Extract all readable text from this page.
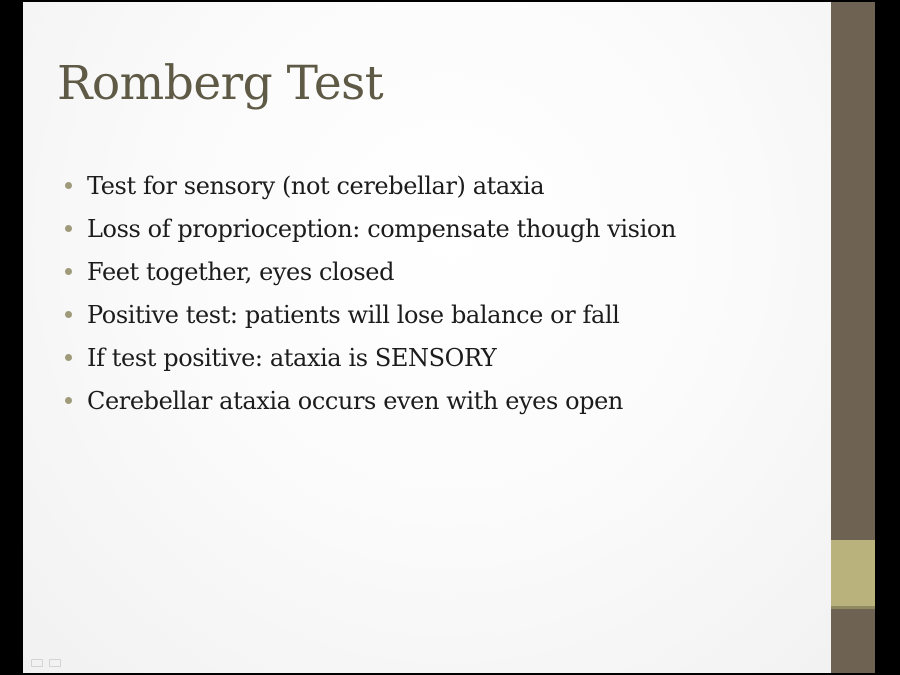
Romberg Test
Test for sensory (not cerebellar) ataxia
Loss of proprioception: compensate though vision
Feet together, eyes closed
Positive test: patients will lose balance or fall
If test positive: ataxia is SENSORY
Cerebellar ataxia occurs even with eyes open
